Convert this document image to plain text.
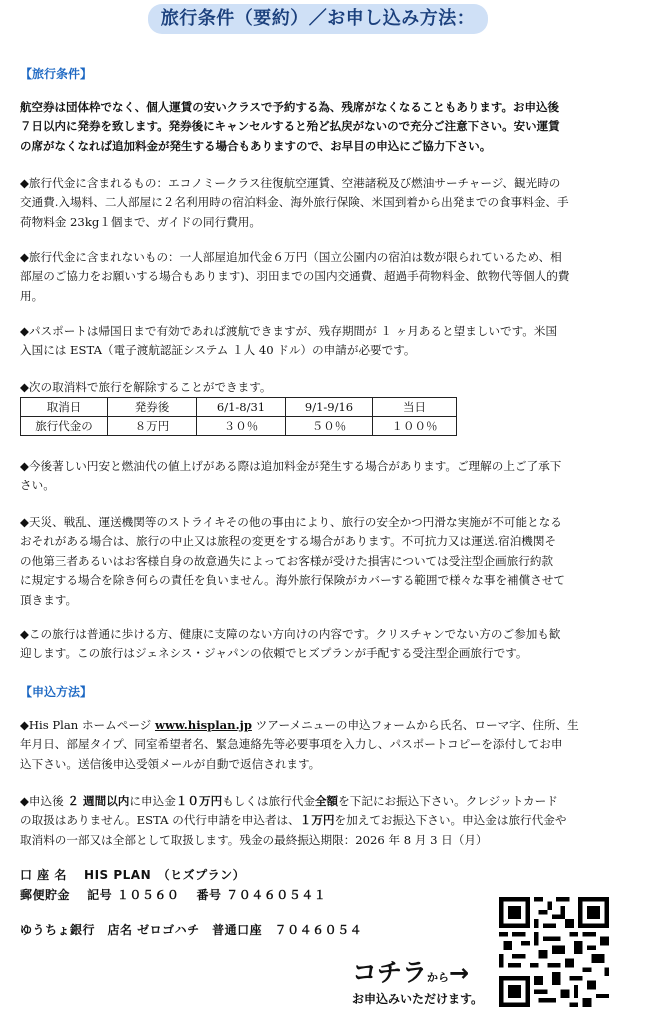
旅行条件（要約）／お申し込み方法：
【旅行条件】
航空券は団体枠でなく、個人運賃の安いクラスで予約する為、残席がなくなることもあります。お申込後
７日以内に発券を致します。発券後にキャンセルすると殆ど払戻がないので充分ご注意下さい。安い運賃
の席がなくなれば追加料金が発生する場合もありますので、お早目の申込にご協力下さい。
◆旅行代金に含まれるもの：エコノミークラス往復航空運賃、空港諸税及び燃油サーチャージ、観光時の
交通費.入場料、二人部屋に２名利用時の宿泊料金、海外旅行保険、米国到着から出発までの食事料金、手
荷物料金 23kg１個まで、ガイドの同行費用。
◆旅行代金に含まれないもの：一人部屋追加代金６万円（国立公園内の宿泊は数が限られているため、相
部屋のご協力をお願いする場合もあります)、羽田までの国内交通費、超過手荷物料金、飲物代等個人的費
用。
◆パスポートは帰国日まで有効であれば渡航できますが、残存期間が １ ヶ月あると望ましいです。米国
入国には ESTA（電子渡航認証システム １人 40 ドル）の申請が必要です。
◆次の取消料で旅行を解除することができます。
取消日	発券後	6/1-8/31	9/1-9/16	当日
旅行代金の	８万円	３０％	５０％	１００％
◆今後著しい円安と燃油代の値上げがある際は追加料金が発生する場合があります。ご理解の上ご了承下
さい。
◆天災、戦乱、運送機関等のストライキその他の事由により、旅行の安全かつ円滑な実施が不可能となる
おそれがある場合は、旅行の中止又は旅程の変更をする場合があります。不可抗力又は運送.宿泊機関そ
の他第三者あるいはお客様自身の故意過失によってお客様が受けた損害については受注型企画旅行約款
に規定する場合を除き何らの責任を負いません。海外旅行保険がカバーする範囲で様々な事を補償させて
頂きます。
◆この旅行は普通に歩ける方、健康に支障のない方向けの内容です。クリスチャンでない方のご参加も歓
迎します。この旅行はジェネシス・ジャパンの依頼でヒズプランが手配する受注型企画旅行です。
【申込方法】
◆His Plan ホームページ www.hisplan.jp ツアーメニューの申込フォームから氏名、ローマ字、住所、生
年月日、部屋タイプ、同室希望者名、緊急連絡先等必要事項を入力し、パスポートコピーを添付してお申
込下さい。送信後申込受領メールが自動で返信されます。
◆申込後 ２ 週間以内に申込金１０万円もしくは旅行代金全額を下記にお振込下さい。クレジットカード
の取扱はありません。ESTA の代行申請を申込者は、１万円を加えてお振込下さい。申込金は旅行代金や
取消料の一部又は全部として取扱します。残金の最終振込期限：2026 年 8 月 3 日（月）
口 座 名　 HIS PLAN　（ヒズプラン）
郵便貯金　 記号 １０５６０　 番号 ７０４６０５４１
ゆうちょ銀行　店名 ゼロゴハチ　普通口座　７０４６０５４
コチラから→
お申込みいただけます。
